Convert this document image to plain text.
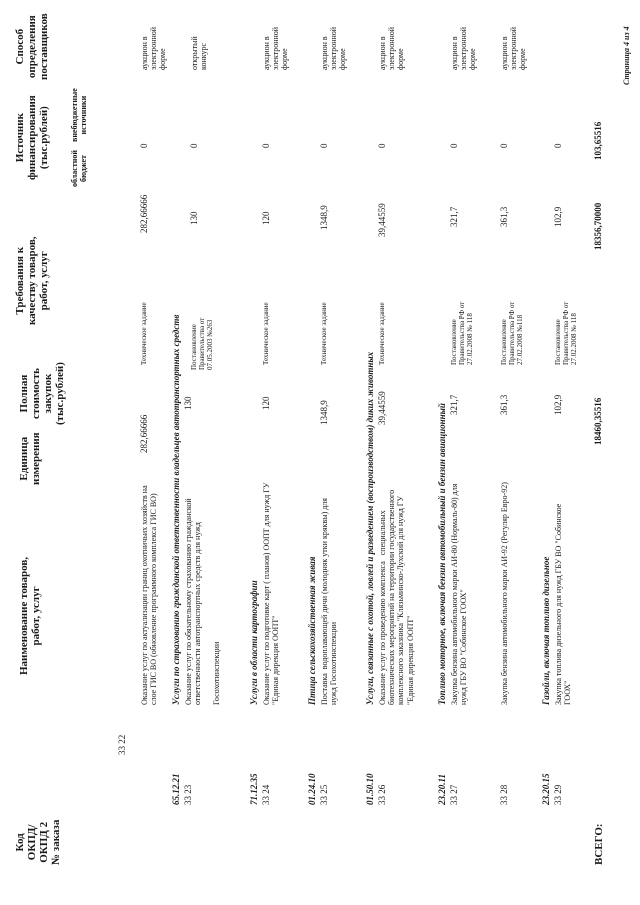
Код
ОКПД/
ОКПД 2
№ заказа
Наименование товаров,
работ, услуг
Единица
измерения
Полная
стоимость
закупок
(тыс.рублей)
Требования к
качеству товаров,
работ, услуг
Источник
финансирования
(тыс.рублей) областной
бюджет
внебюджетные
источники
Способ
определения
поставщиков
33 22
Оказание услуг по актуализации границ охотничьих хозяйств на
слое ГИС ВО (обновление программного комплекса ГИС ВО)
282,66666
Техническое задание
282,66666
0
аукцион в
электронной
форме
65.12.21
Услуги по страхованию гражданской ответственности владельцев автотранспортных средств
33 23
Оказание услуг по обязательному страхованию гражданской
ответственности автотранспортных средств для нужд

Госохотинспекции
130
Постановление
Правительства от
07.05.2003 №263
130
0
открытый
конкурс
71.12.35
Услуги в области картографии
33 24
Оказание услуг по подготовке карт ( планов) ООПТ для нужд ГУ
"Единая дирекция ООПТ"
120
Техническое задание
120
0
аукцион в
электронной
форме
01.24.10
Птица сельскохозяйственная живая
33 25
Поставка  водоплавающей дичи (молодняк утки кряквы) для
нужд Госохотинспекции
1348,9
Техническое задание
1348,9
0
аукцион в
электронной
форме
01.50.10
Услуги, связанные с охотой, ловлей и разведением (воспроизводством) диких животных
33 26
Оказание услуг по проведению комплекса   специальных
биотехнических мероприятий на территории государственного
комплексного заказника "Клязьминско-Лухский для нужд ГУ
"Единая дирекция ООПТ"
39,44559
Техническое задание
39,44559
0
аукцион в
электронной
форме
23.20.11
Топливо моторное, включая бензин автомобильный и бензин авиационный
33 27
Закупка бензина автомобильного марки АИ-80 (Нормаль-80) для
нужд ГБУ ВО "Собинское ГООХ"
321,7
Постановление
Правительства РФ от
27.02.2008 № 118
321,7
0
аукцион в
электронной
форме
33 28
Закупка бензина автомобильного марки АИ-92 (Регуляр Евро-92)
361,3
Постановление
Правительства РФ от
27.02.2008 №118
361,3
0
аукцион в
электронной
форме
23.20.15
Газойли, включая топливо дизельное
33 29
Закупка топлива дизельного для нужд ГБУ ВО "Собинское
ГООХ"
102,9
Постановление
Правительства РФ от
27.02.2008 № 118
102,9
0
ВСЕГО:
18460,35516
18356,70000
103,65516
Страница 4 из 4
